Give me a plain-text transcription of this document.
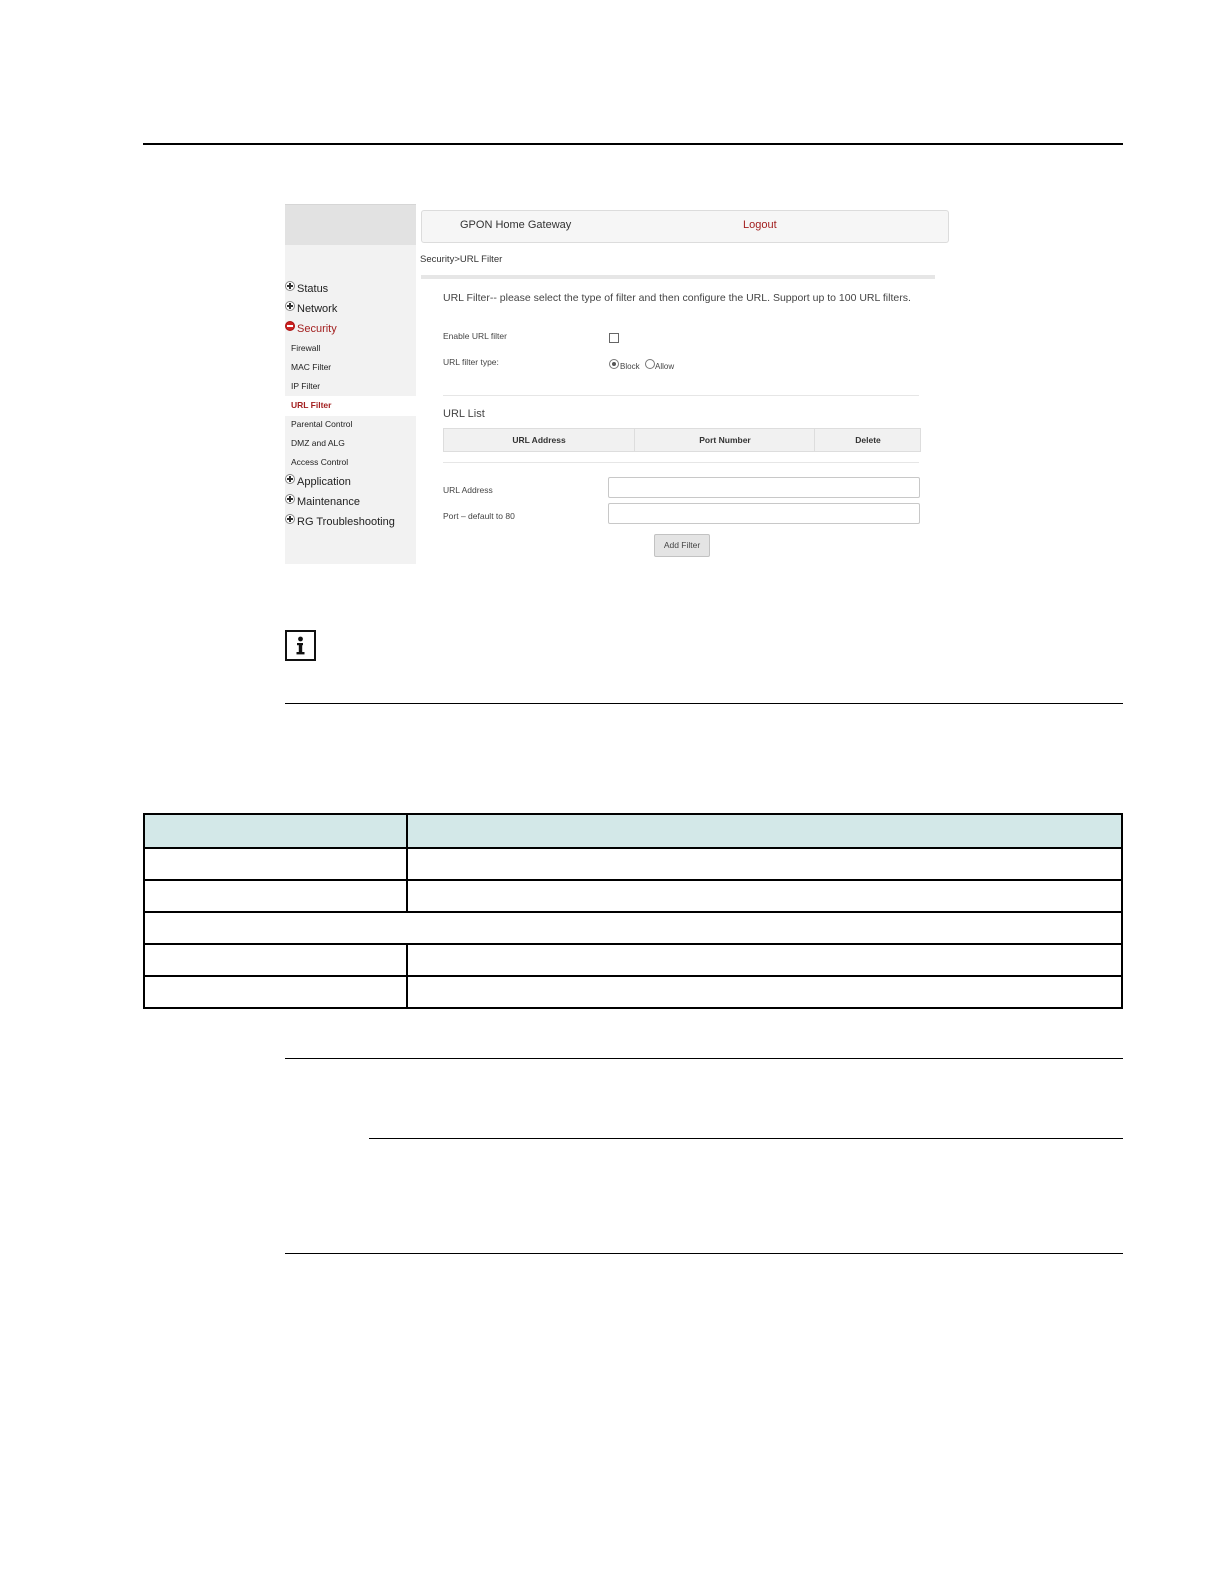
Status
Network
Security
Firewall
MAC Filter
IP Filter
URL Filter
Parental Control
DMZ and ALG
Access Control
Application
Maintenance
RG Troubleshooting
GPON Home Gateway	Logout
Security>URL Filter
URL Filter-- please select the type of filter and then configure the URL. Support up to 100 URL filters.
Enable URL filter
URL filter type:	Block Allow
URL List
URL Address	Port Number	Delete
URL Address
Port – default to 80
Add Filter
